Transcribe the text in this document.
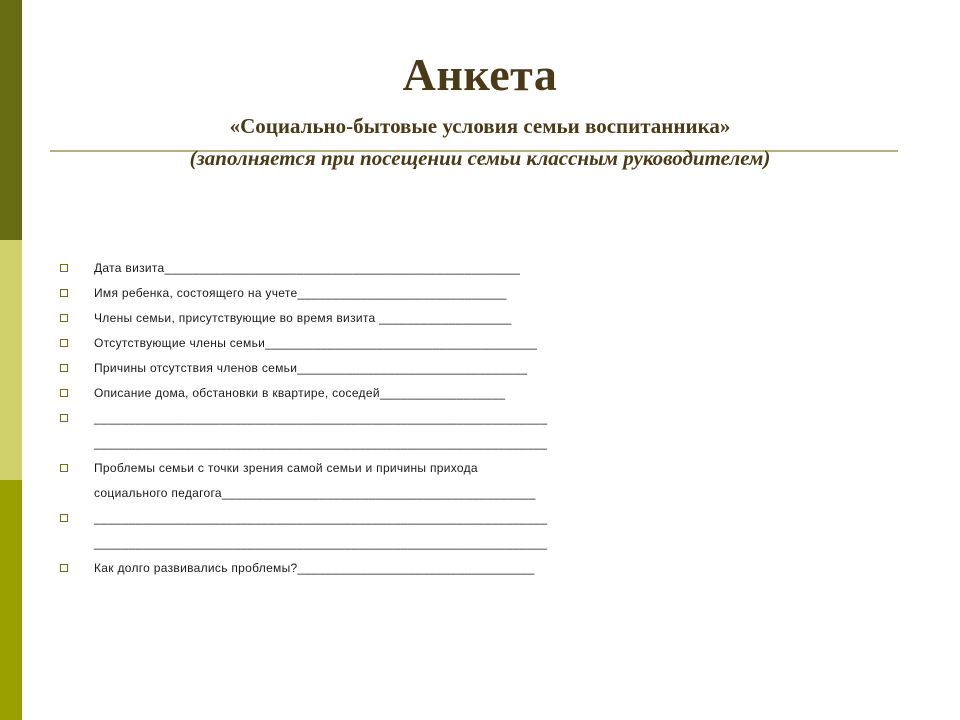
Анкета
«Социально-бытовые условия семьи воспитанника»
(заполняется при посещении семьи классным руководителем)
Дата визита___________________________________________________
Имя ребенка, состоящего на учете______________________________
Члены семьи, присутствующие во время визита ___________________
Отсутствующие члены семьи_______________________________________
Причины отсутствия членов семьи_________________________________
Описание дома, обстановки в квартире, соседей__________________
_________________________________________________________________
_________________________________________________________________
Проблемы семьи с точки зрения самой семьи и причины прихода
социального педагога_____________________________________________
_________________________________________________________________
_________________________________________________________________
Как долго развивались проблемы?__________________________________
